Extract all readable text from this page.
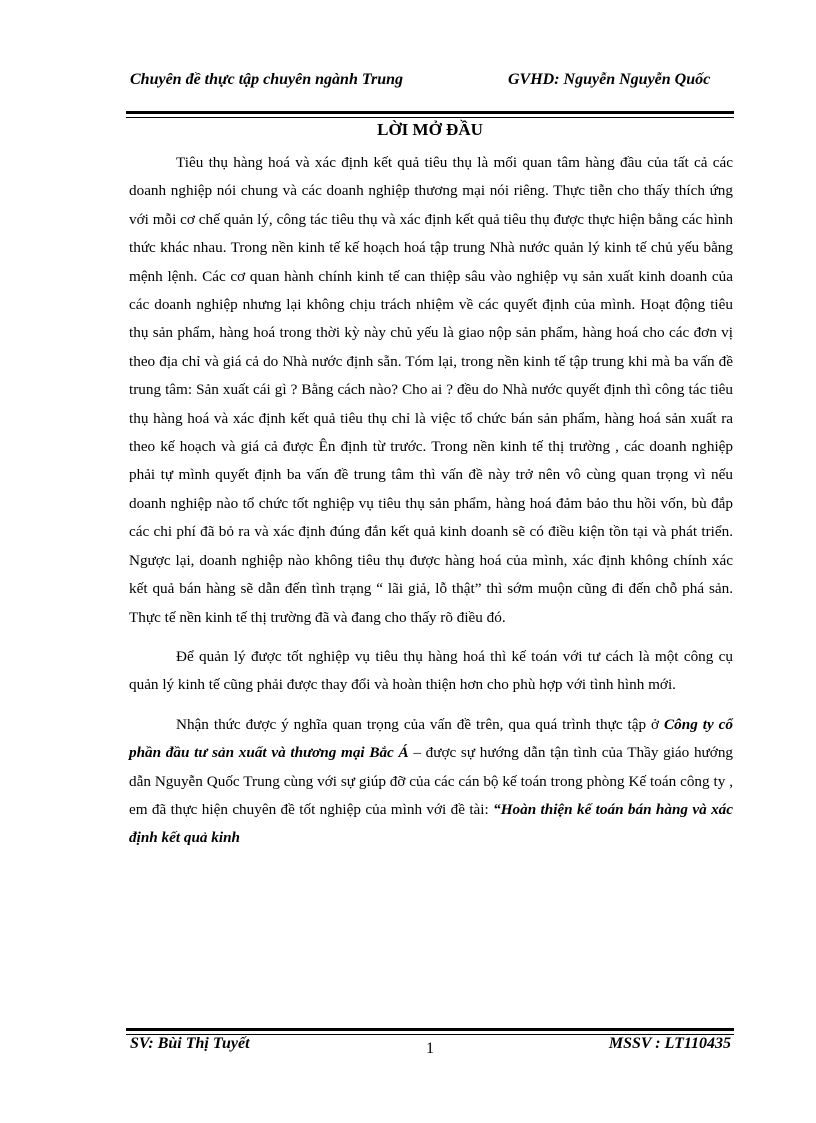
Chuyên đề thực tập chuyên ngành Trung	GVHD: Nguyễn Nguyễn Quốc
LỜI MỞ ĐẦU

Tiêu thụ hàng hoá và xác định kết quả tiêu thụ là mối quan tâm hàng đầu của tất cả các doanh nghiệp nói chung và các doanh nghiệp thương mại nói riêng. Thực tiễn cho thấy thích ứng với mỗi cơ chế quản lý, công tác tiêu thụ và xác định kết quả tiêu thụ được thực hiện bằng các hình thức khác nhau. Trong nền kinh tế kế hoạch hoá tập trung Nhà nước quản lý kinh tế chủ yếu bằng mệnh lệnh. Các cơ quan hành chính kinh tế can thiệp sâu vào nghiệp vụ sản xuất kinh doanh của các doanh nghiệp nhưng lại không chịu trách nhiệm về các quyết định của mình. Hoạt động tiêu thụ sản phẩm, hàng hoá trong thời kỳ này chủ yếu là giao nộp sản phẩm, hàng hoá cho các đơn vị theo địa chỉ và giá cả do Nhà nước định sẵn. Tóm lại, trong nền kinh tế tập trung khi mà ba vấn đề trung tâm: Sản xuất cái gì ? Bằng cách nào? Cho ai ? đều do Nhà nước quyết định thì công tác tiêu thụ hàng hoá và xác định kết quả tiêu thụ chỉ là việc tổ chức bán sản phẩm, hàng hoá sản xuất ra theo kế hoạch và giá cả được Ên định từ trước. Trong nền kinh tế thị trường , các doanh nghiệp phải tự mình quyết định ba vấn đề trung tâm thì vấn đề này trở nên vô cùng quan trọng vì nếu doanh nghiệp nào tổ chức tốt nghiệp vụ tiêu thụ sản phẩm, hàng hoá đảm bảo thu hồi vốn, bù đắp các chi phí đã bỏ ra và xác định đúng đắn kết quả kinh doanh sẽ có điều kiện tồn tại và phát triển. Ngược lại, doanh nghiệp nào không tiêu thụ được hàng hoá của mình, xác định không chính xác kết quả bán hàng sẽ dẫn đến tình trạng “ lãi giả, lỗ thật” thì sớm muộn cũng đi đến chỗ phá sản. Thực tế nền kinh tế thị trường đã và đang cho thấy rõ điều đó.

Để quản lý được tốt nghiệp vụ tiêu thụ hàng hoá thì kế toán với tư cách là một công cụ quản lý kinh tế cũng phải được thay đổi và hoàn thiện hơn cho phù hợp với tình hình mới.

Nhận thức được ý nghĩa quan trọng của vấn đề trên, qua quá trình thực tập ở Công ty cổ phần đầu tư sản xuất và thương mại Bắc Á – được sự hướng dẫn tận tình của Thầy giáo hướng dẫn Nguyễn Quốc Trung cùng với sự giúp đỡ của các cán bộ kế toán trong phòng Kế toán công ty , em đã thực hiện chuyên đề tốt nghiệp của mình với đề tài: “Hoàn thiện kế toán bán hàng và xác định kết quả kinh

SV: Bùi Thị Tuyết	1	MSSV : LT110435
